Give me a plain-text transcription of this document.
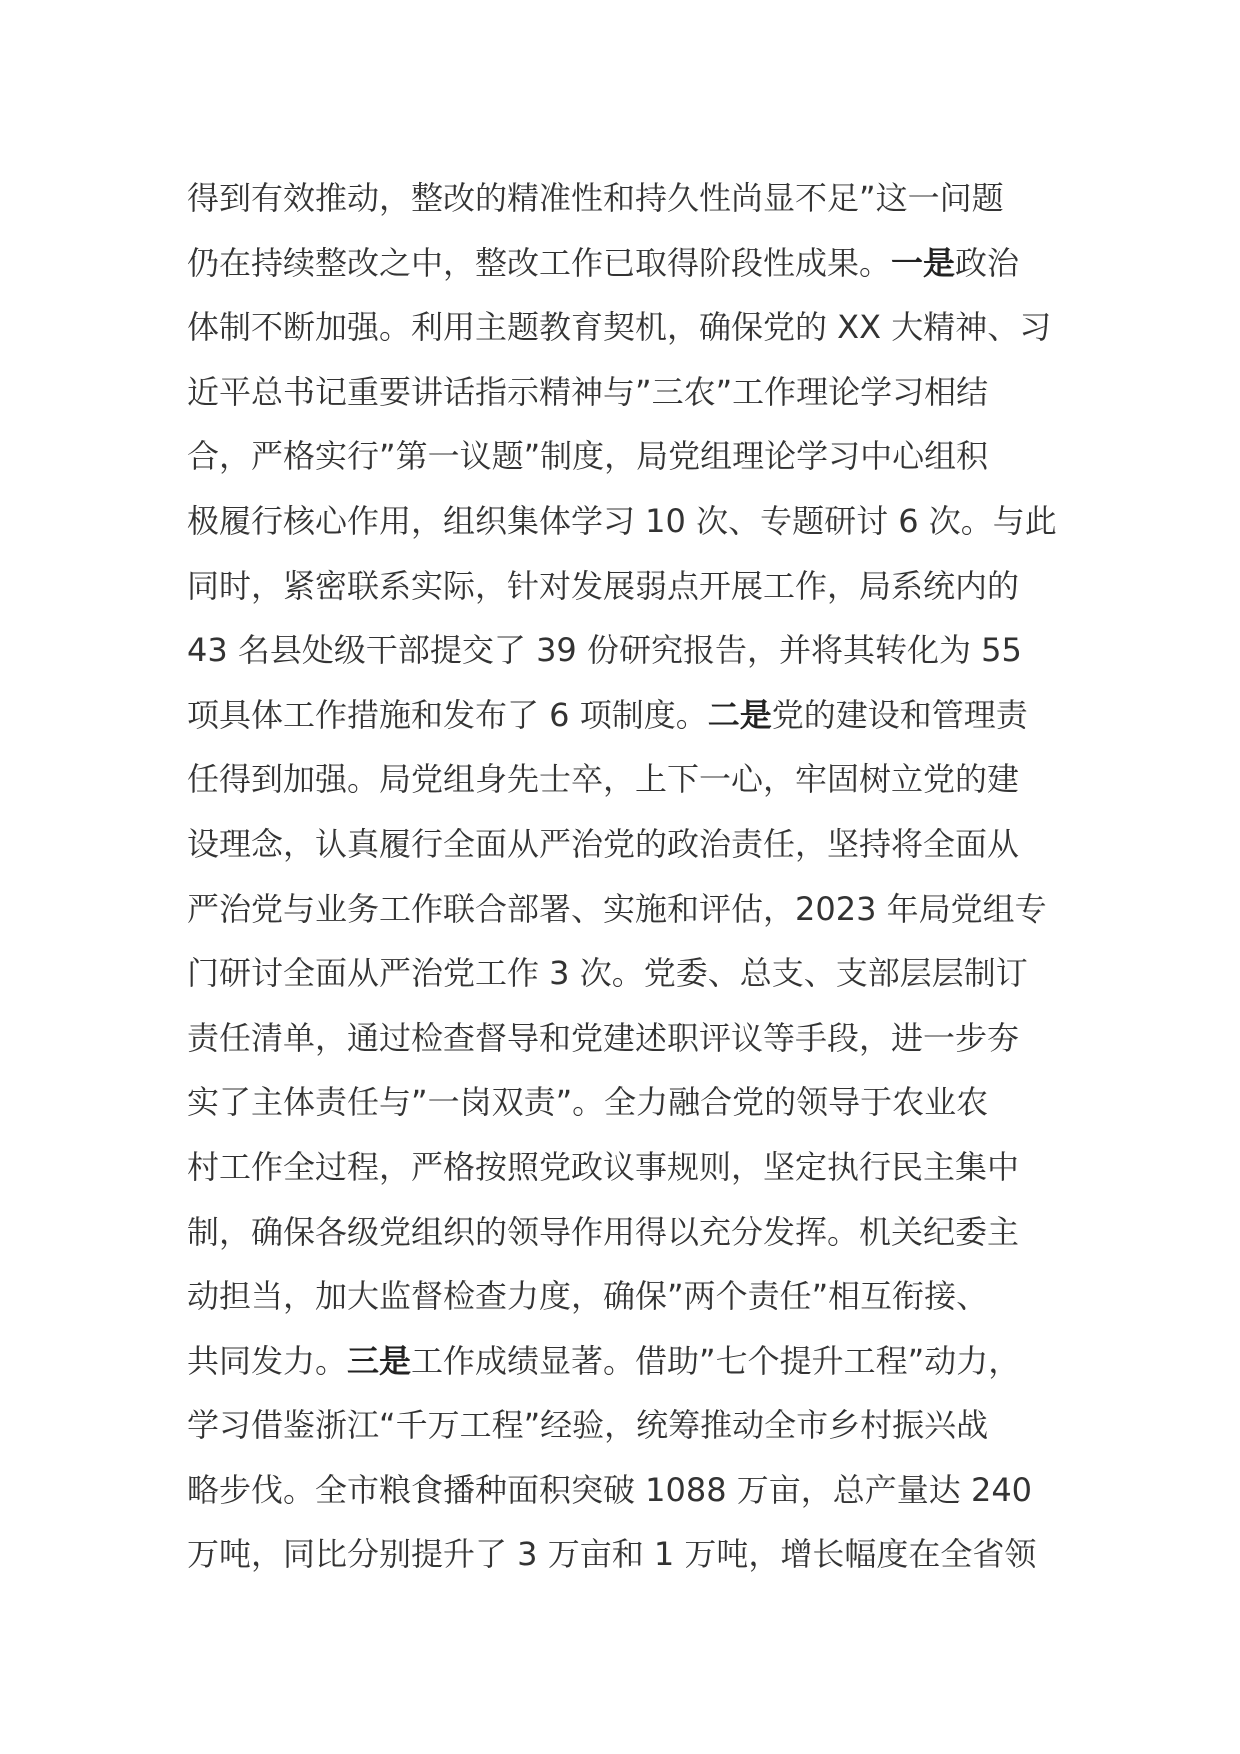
得到有效推动，整改的精准性和持久性尚显不足”这一问题
仍在持续整改之中，整改工作已取得阶段性成果。一是政治
体制不断加强。利用主题教育契机，确保党的 XX 大精神、习
近平总书记重要讲话指示精神与”三农”工作理论学习相结
合，严格实行”第一议题”制度，局党组理论学习中心组积
极履行核心作用，组织集体学习 10 次、专题研讨 6 次。与此
同时，紧密联系实际，针对发展弱点开展工作，局系统内的
43 名县处级干部提交了 39 份研究报告，并将其转化为 55
项具体工作措施和发布了 6 项制度。二是党的建设和管理责
任得到加强。局党组身先士卒，上下一心，牢固树立党的建
设理念，认真履行全面从严治党的政治责任，坚持将全面从
严治党与业务工作联合部署、实施和评估，2023 年局党组专
门研讨全面从严治党工作 3 次。党委、总支、支部层层制订
责任清单，通过检查督导和党建述职评议等手段，进一步夯
实了主体责任与”一岗双责”。全力融合党的领导于农业农
村工作全过程，严格按照党政议事规则，坚定执行民主集中
制，确保各级党组织的领导作用得以充分发挥。机关纪委主
动担当，加大监督检查力度，确保”两个责任”相互衔接、
共同发力。三是工作成绩显著。借助”七个提升工程”动力，
学习借鉴浙江“千万工程”经验，统筹推动全市乡村振兴战
略步伐。全市粮食播种面积突破 1088 万亩，总产量达 240
万吨，同比分别提升了 3 万亩和 1 万吨，增长幅度在全省领
